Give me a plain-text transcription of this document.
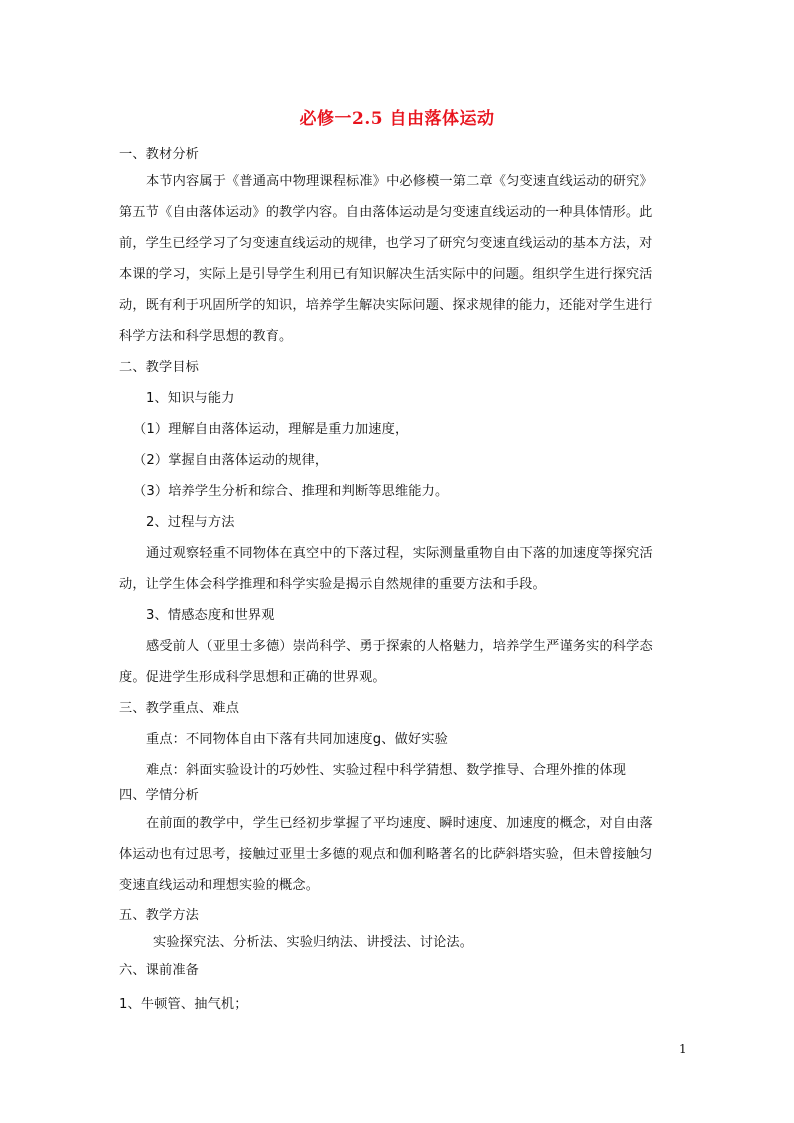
必修一2.5 自由落体运动
一、教材分析
本节内容属于《普通高中物理课程标准》中必修模一第二章《匀变速直线运动的研究》
第五节《自由落体运动》的教学内容。自由落体运动是匀变速直线运动的一种具体情形。此
前，学生已经学习了匀变速直线运动的规律，也学习了研究匀变速直线运动的基本方法，对
本课的学习，实际上是引导学生利用已有知识解决生活实际中的问题。组织学生进行探究活
动，既有利于巩固所学的知识，培养学生解决实际问题、探求规律的能力，还能对学生进行
科学方法和科学思想的教育。
二、教学目标
1、知识与能力
（1）理解自由落体运动，理解是重力加速度，
（2）掌握自由落体运动的规律，
（3）培养学生分析和综合、推理和判断等思维能力。
2、过程与方法
通过观察轻重不同物体在真空中的下落过程，实际测量重物自由下落的加速度等探究活
动，让学生体会科学推理和科学实验是揭示自然规律的重要方法和手段。
3、情感态度和世界观
感受前人（亚里士多德）崇尚科学、勇于探索的人格魅力，培养学生严谨务实的科学态
度。促进学生形成科学思想和正确的世界观。
三、教学重点、难点
重点：不同物体自由下落有共同加速度g、做好实验
难点：斜面实验设计的巧妙性、实验过程中科学猜想、数学推导、合理外推的体现
四、学情分析
在前面的教学中，学生已经初步掌握了平均速度、瞬时速度、加速度的概念，对自由落
体运动也有过思考，接触过亚里士多德的观点和伽利略著名的比萨斜塔实验，但未曾接触匀
变速直线运动和理想实验的概念。
五、教学方法
实验探究法、分析法、实验归纳法、讲授法、讨论法。
六、课前准备
1、牛顿管、抽气机；
1
